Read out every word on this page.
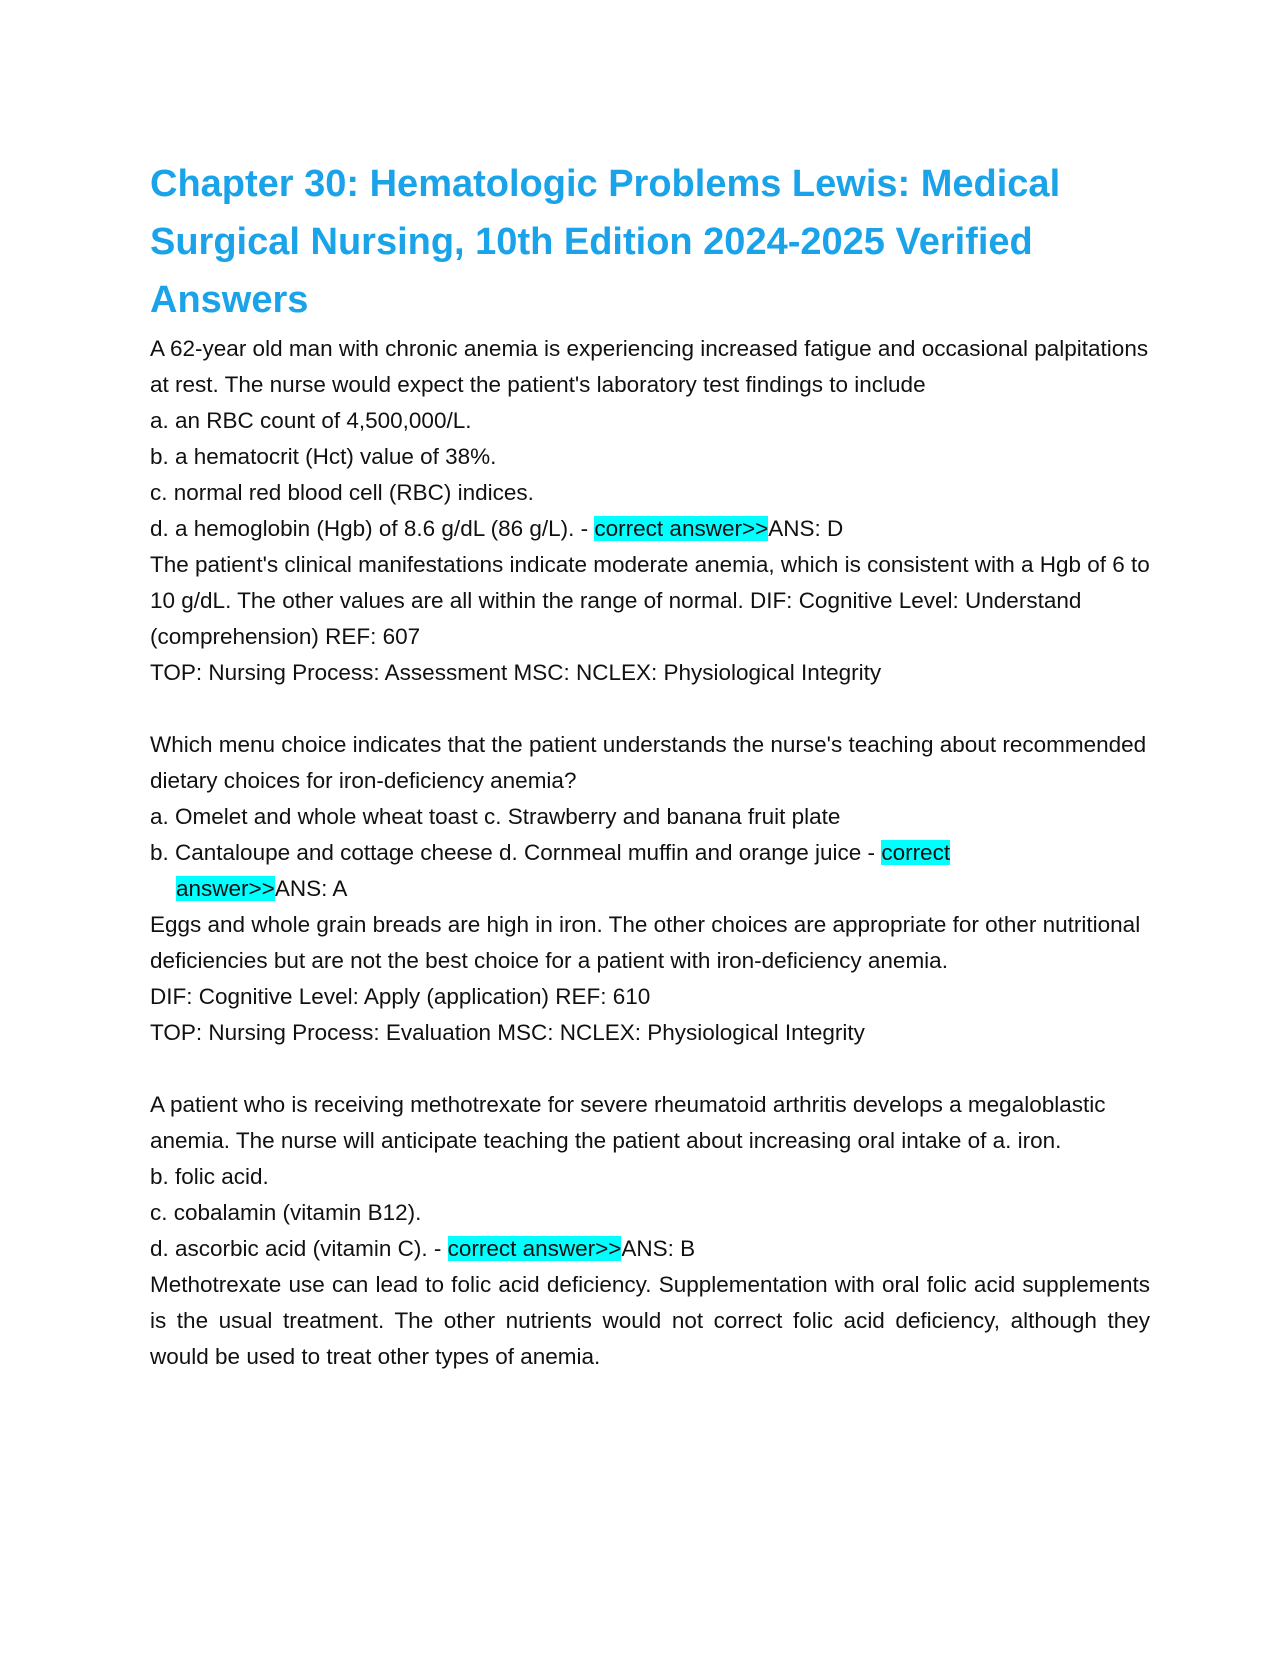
Chapter 30: Hematologic Problems Lewis: Medical Surgical Nursing, 10th Edition 2024-2025 Verified Answers
A 62-year old man with chronic anemia is experiencing increased fatigue and occasional palpitations at rest. The nurse would expect the patient's laboratory test findings to include
a. an RBC count of 4,500,000/L.
b. a hematocrit (Hct) value of 38%.
c. normal red blood cell (RBC) indices.
d. a hemoglobin (Hgb) of 8.6 g/dL (86 g/L). - correct answer>>ANS: D
The patient's clinical manifestations indicate moderate anemia, which is consistent with a Hgb of 6 to 10 g/dL. The other values are all within the range of normal. DIF: Cognitive Level: Understand (comprehension) REF: 607
TOP: Nursing Process: Assessment MSC: NCLEX: Physiological Integrity
Which menu choice indicates that the patient understands the nurse's teaching about recommended dietary choices for iron-deficiency anemia?
a. Omelet and whole wheat toast c. Strawberry and banana fruit plate
b. Cantaloupe and cottage cheese d. Cornmeal muffin and orange juice - correct
answer>>ANS: A
Eggs and whole grain breads are high in iron. The other choices are appropriate for other nutritional deficiencies but are not the best choice for a patient with iron-deficiency anemia.
DIF: Cognitive Level: Apply (application) REF: 610
TOP: Nursing Process: Evaluation MSC: NCLEX: Physiological Integrity
A patient who is receiving methotrexate for severe rheumatoid arthritis develops a megaloblastic anemia. The nurse will anticipate teaching the patient about increasing oral intake of a. iron.
b. folic acid.
c. cobalamin (vitamin B12).
d. ascorbic acid (vitamin C). - correct answer>>ANS: B
Methotrexate use can lead to folic acid deficiency. Supplementation with oral folic acid supplements is the usual treatment. The other nutrients would not correct folic acid deficiency, although they would be used to treat other types of anemia.
